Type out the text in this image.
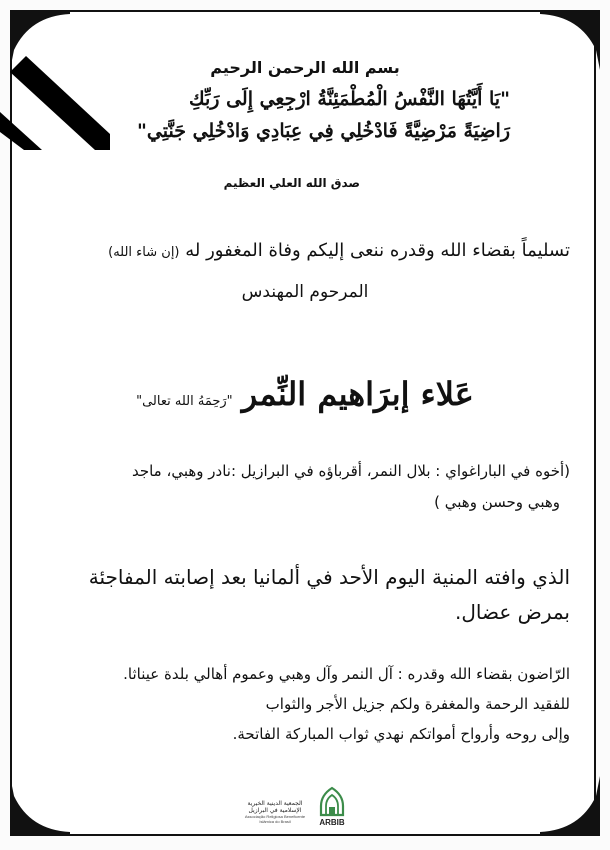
بسم الله الرحمن الرحيم
"يَا أَيَّتُهَا النَّفْسُ الْمُطْمَئِنَّةُ ارْجِعِي إِلَى رَبِّكِ
رَاضِيَةً مَرْضِيَّةً فَادْخُلِي فِي عِبَادِي وَادْخُلِي جَنَّتِي"
صدق الله العلي العظيم
تسليماً بقضاء الله وقدره ننعى إليكم وفاة المغفور له (إن شاء الله)
المرحوم المهندس
عَلاء إبرَاهيم النِّمر "رَحِمَهُ الله تعالى"
(أخوه في الباراغواي : بلال النمر، أقرباؤه في البرازيل :نادر وهبي، ماجد
وهبي وحسن وهبي )
الذي وافته المنية اليوم الأحد في ألمانيا بعد إصابته المفاجئة
بمرض عضال.
الرّاضون بقضاء الله وقدره : آل النمر وآل وهبي وعموم أهالي بلدة عيناثا.
للفقيد الرحمة والمغفرة ولكم جزيل الأجر والثواب
وإلى روحه وأرواح أمواتكم نهدي ثواب المباركة الفاتحة.
الجمعية الدينية الخيرية الإسلامية في البرازيل
Associação Religiosa Beneficente Islâmica do Brasil	ARBIB
